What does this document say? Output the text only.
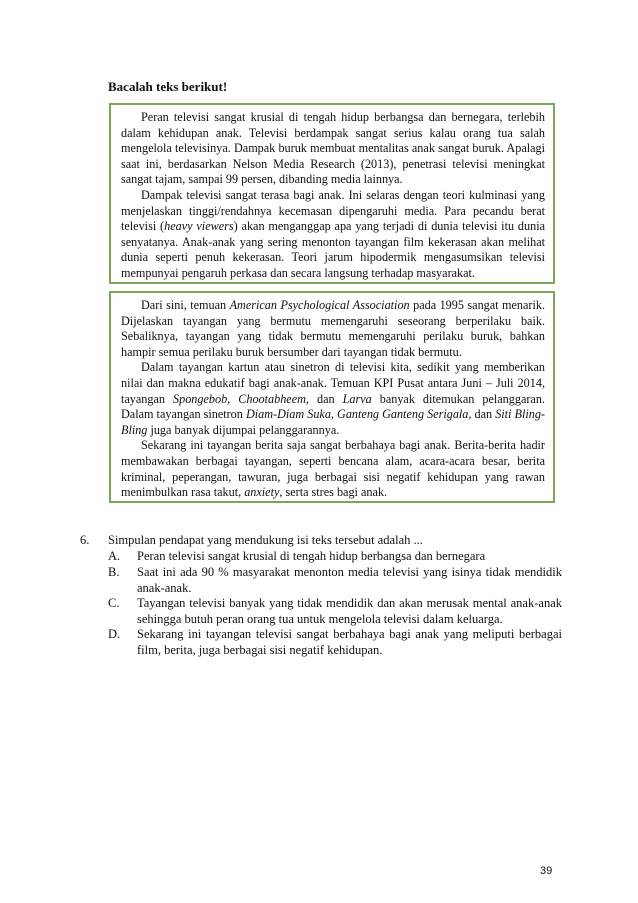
Bacalah teks berikut!

Peran televisi sangat krusial di tengah hidup berbangsa dan bernegara, terlebih dalam kehidupan anak. Televisi berdampak sangat serius kalau orang tua salah mengelola televisinya. Dampak buruk membuat mentalitas anak sangat buruk. Apalagi saat ini, berdasarkan Nelson Media Research (2013), penetrasi televisi meningkat sangat tajam, sampai 99 persen, dibanding media lainnya.

Dampak televisi sangat terasa bagi anak. Ini selaras dengan teori kulminasi yang menjelaskan tinggi/rendahnya kecemasan dipengaruhi media. Para pecandu berat televisi (heavy viewers) akan menganggap apa yang terjadi di dunia televisi itu dunia senyatanya. Anak-anak yang sering menonton tayangan film kekerasan akan melihat dunia seperti penuh kekerasan. Teori jarum hipodermik mengasumsikan televisi mempunyai pengaruh perkasa dan secara langsung terhadap masyarakat.

Dari sini, temuan American Psychological Association pada 1995 sangat menarik. Dijelaskan tayangan yang bermutu memengaruhi seseorang berperilaku baik. Sebaliknya, tayangan yang tidak bermutu memengaruhi perilaku buruk, bahkan hampir semua perilaku buruk bersumber dari tayangan tidak bermutu.

Dalam tayangan kartun atau sinetron di televisi kita, sedikit yang memberikan nilai dan makna edukatif bagi anak-anak. Temuan KPI Pusat antara Juni – Juli 2014, tayangan Spongebob, Chootabheem, dan Larva banyak ditemukan pelanggaran. Dalam tayangan sinetron Diam-Diam Suka, Ganteng Ganteng Serigala, dan Siti Bling-Bling juga banyak dijumpai pelanggarannya.

Sekarang ini tayangan berita saja sangat berbahaya bagi anak. Berita-berita hadir membawakan berbagai tayangan, seperti bencana alam, acara-acara besar, berita kriminal, peperangan, tawuran, juga berbagai sisi negatif kehidupan yang rawan menimbulkan rasa takut, anxiety, serta stres bagi anak.

6. Simpulan pendapat yang mendukung isi teks tersebut adalah ...
A. Peran televisi sangat krusial di tengah hidup berbangsa dan bernegara
B. Saat ini ada 90 % masyarakat menonton media televisi yang isinya tidak mendidik anak-anak.
C. Tayangan televisi banyak yang tidak mendidik dan akan merusak mental anak-anak sehingga butuh peran orang tua untuk mengelola televisi dalam keluarga.
D. Sekarang ini tayangan televisi sangat berbahaya bagi anak yang meliputi berbagai film, berita, juga berbagai sisi negatif kehidupan.
39
